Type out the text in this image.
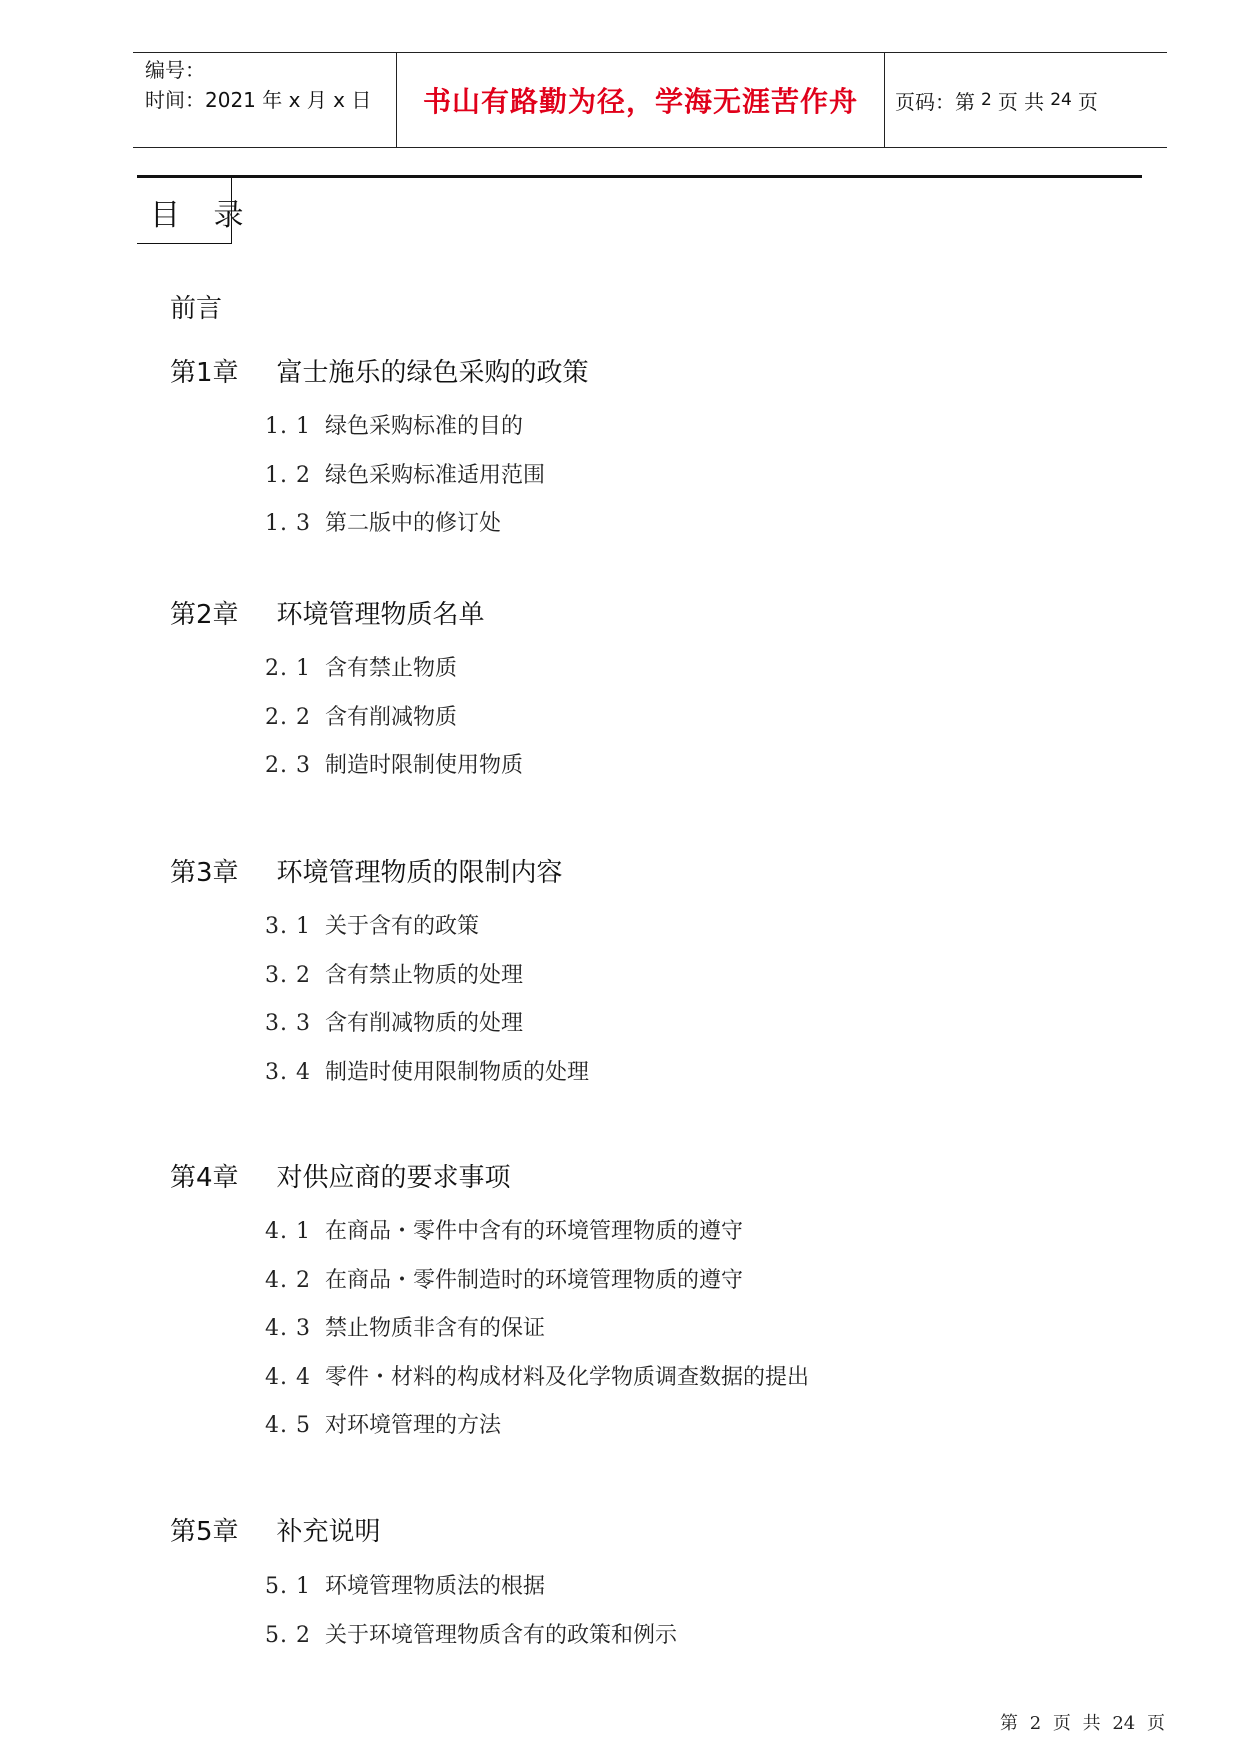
编号：
时间：2021 年 x 月 x 日	书山有路勤为径，学海无涯苦作舟	页码：第 2 页 共 24 页
目 录
前言
第1章 富士施乐的绿色采购的政策
1. 1 绿色采购标准的目的
1. 2 绿色采购标准适用范围
1. 3 第二版中的修订处
第2章 环境管理物质名单
2. 1 含有禁止物质
2. 2 含有削减物质
2. 3 制造时限制使用物质
第3章 环境管理物质的限制内容
3. 1 关于含有的政策
3. 2 含有禁止物质的处理
3. 3 含有削减物质的处理
3. 4 制造时使用限制物质的处理
第4章 对供应商的要求事项
4. 1 在商品・零件中含有的环境管理物质的遵守
4. 2 在商品・零件制造时的环境管理物质的遵守
4. 3 禁止物质非含有的保证
4. 4 零件・材料的构成材料及化学物质调查数据的提出
4. 5 对环境管理的方法
第5章 补充说明
5. 1 环境管理物质法的根据
5. 2 关于环境管理物质含有的政策和例示
第 2 页 共 24 页
